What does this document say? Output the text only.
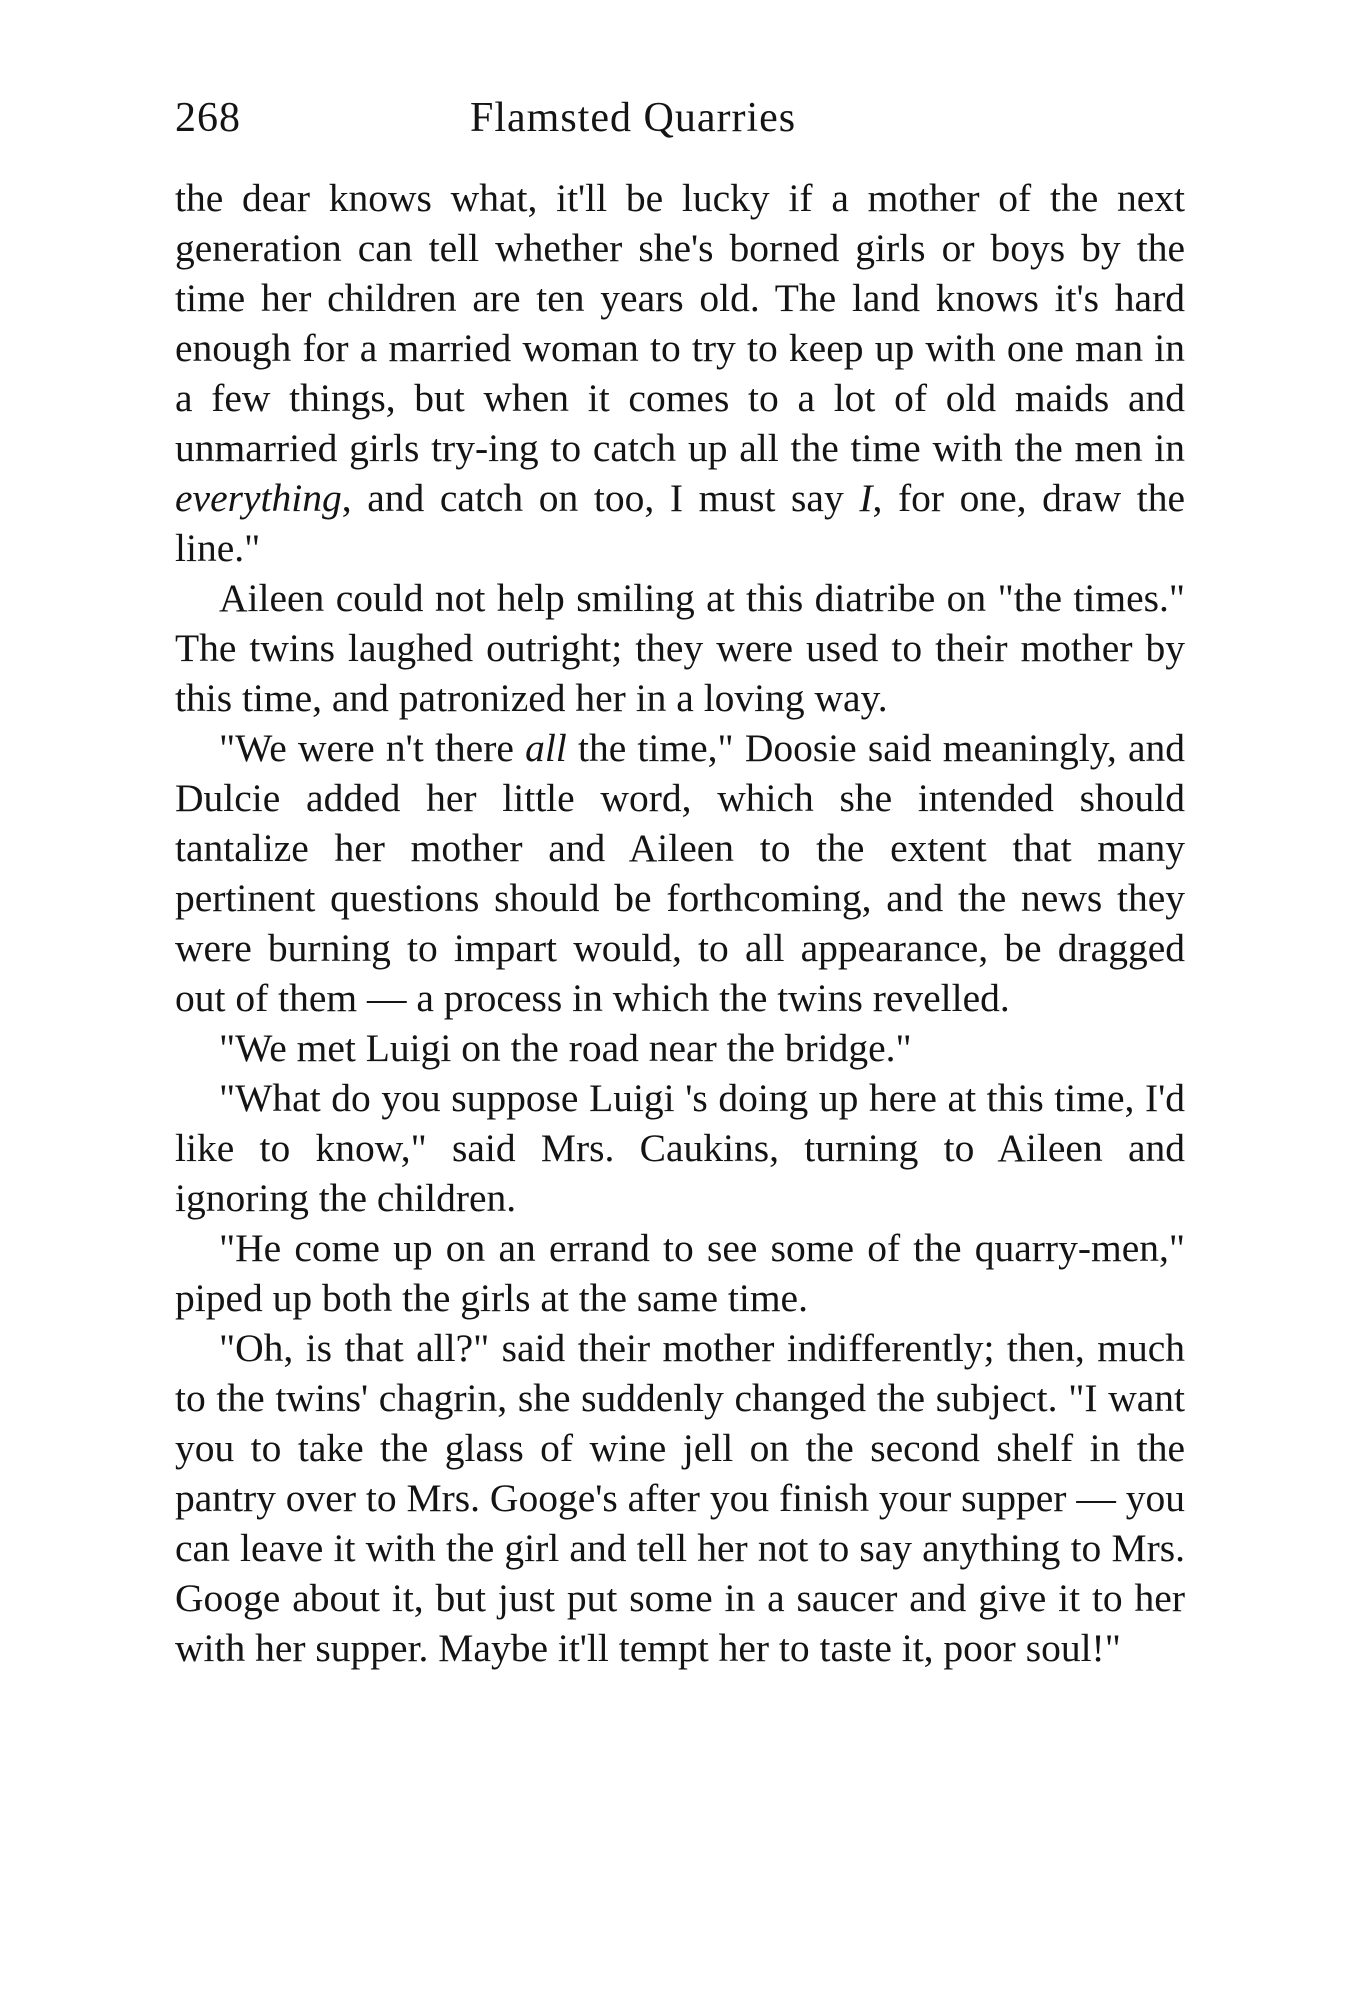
268	Flamsted Quarries

the dear knows what, it'll be lucky if a mother of the next generation can tell whether she's borned girls or boys by the time her children are ten years old. The land knows it's hard enough for a married woman to try to keep up with one man in a few things, but when it comes to a lot of old maids and unmarried girls try-ing to catch up all the time with the men in everything, and catch on too, I must say I, for one, draw the line."

Aileen could not help smiling at this diatribe on "the times." The twins laughed outright; they were used to their mother by this time, and patronized her in a loving way.

"We were n't there all the time," Doosie said meaningly, and Dulcie added her little word, which she intended should tantalize her mother and Aileen to the extent that many pertinent questions should be forthcoming, and the news they were burning to impart would, to all appearance, be dragged out of them — a process in which the twins revelled.

"We met Luigi on the road near the bridge."

"What do you suppose Luigi 's doing up here at this time, I'd like to know," said Mrs. Caukins, turning to Aileen and ignoring the children.

"He come up on an errand to see some of the quarry-men," piped up both the girls at the same time.

"Oh, is that all?" said their mother indifferently; then, much to the twins' chagrin, she suddenly changed the subject. "I want you to take the glass of wine jell on the second shelf in the pantry over to Mrs. Googe's after you finish your supper — you can leave it with the girl and tell her not to say anything to Mrs. Googe about it, but just put some in a saucer and give it to her with her supper. Maybe it'll tempt her to taste it, poor soul!"
